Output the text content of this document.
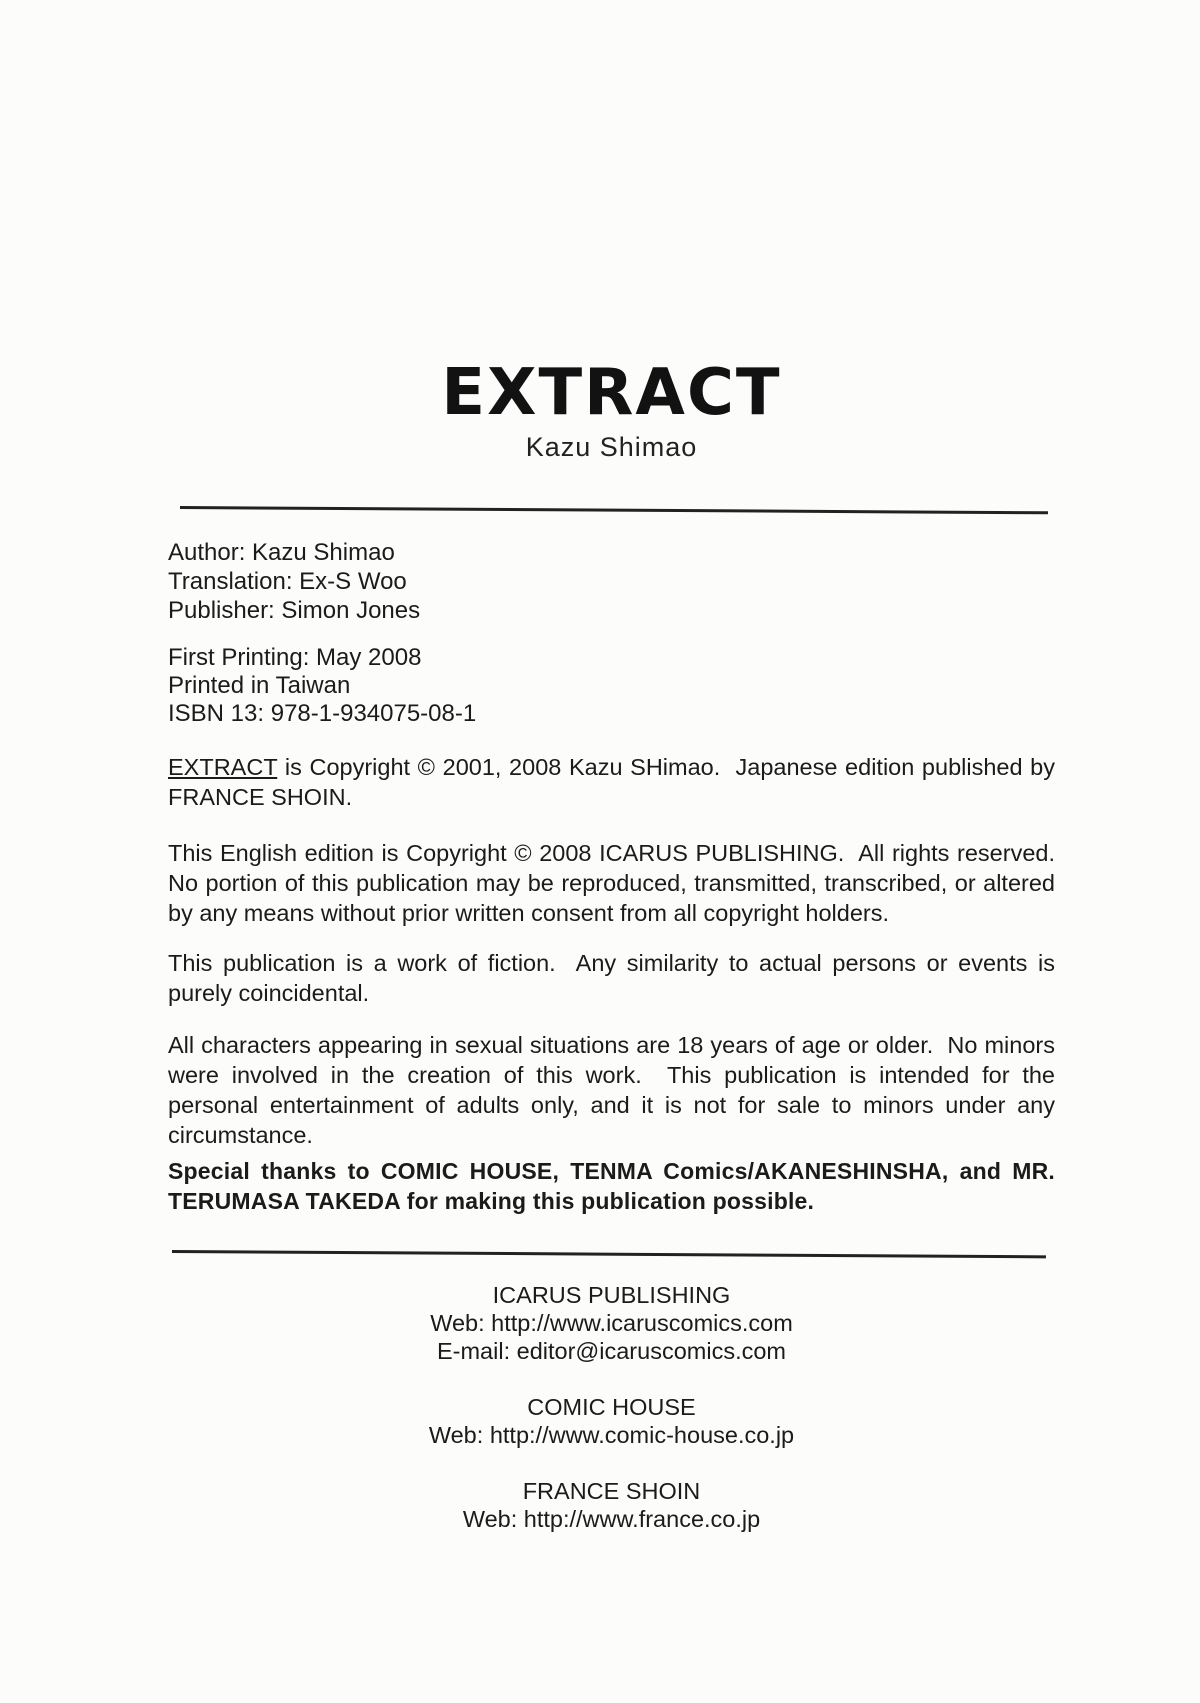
EXTRACT
Kazu Shimao
Author: Kazu Shimao
Translation: Ex-S Woo
Publisher: Simon Jones
First Printing: May 2008
Printed in Taiwan
ISBN 13: 978-1-934075-08-1

EXTRACT is Copyright © 2001, 2008 Kazu SHimao.  Japanese edition published by FRANCE SHOIN.

This English edition is Copyright © 2008 ICARUS PUBLISHING.  All rights reserved.  No portion of this publication may be reproduced, transmitted, transcribed, or altered by any means without prior written consent from all copyright holders.

This publication is a work of fiction.  Any similarity to actual persons or events is purely coincidental.

All characters appearing in sexual situations are 18 years of age or older.  No minors were involved in the creation of this work.  This publication is intended for the personal entertainment of adults only, and it is not for sale to minors under any circumstance.

Special thanks to COMIC HOUSE, TENMA Comics/AKANESHINSHA, and MR. TERUMASA TAKEDA for making this publication possible.

ICARUS PUBLISHING
Web: http://www.icaruscomics.com
E-mail: editor@icaruscomics.com
COMIC HOUSE
Web: http://www.comic-house.co.jp
FRANCE SHOIN
Web: http://www.france.co.jp
